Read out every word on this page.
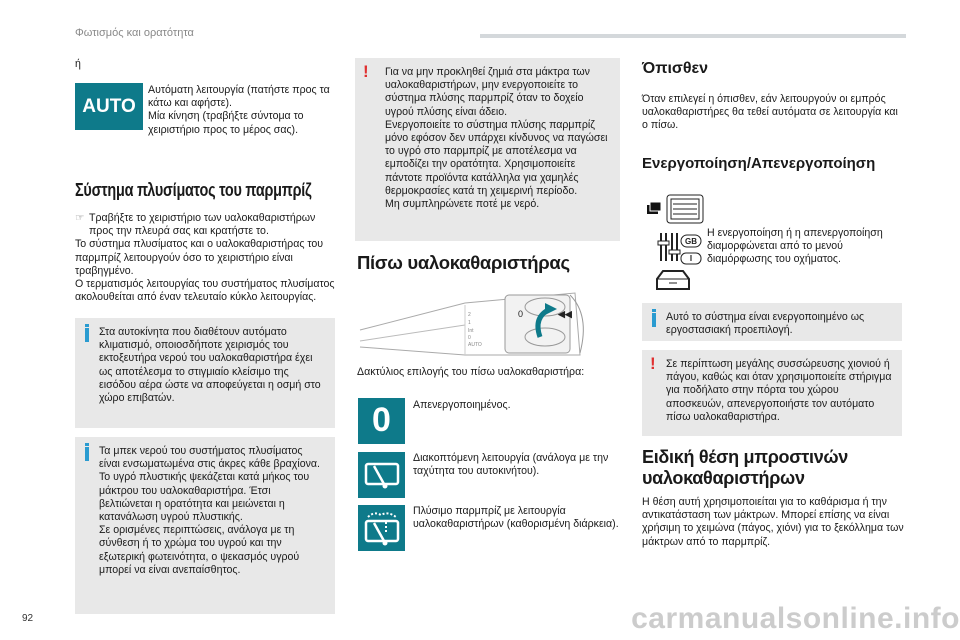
Φωτισμός και ορατότητα
92
ή
AUTO

Αυτόματη λειτουργία (πατήστε προς τα κάτω και αφήστε).

Μία κίνηση (τραβήξτε σύντομα το χειριστήριο προς το μέρος σας).

Σύστημα πλυσίματος του παρμπρίζ

☞ Τραβήξτε το χειριστήριο των υαλοκαθαριστήρων προς την πλευρά σας και κρατήστε το.

Το σύστημα πλυσίματος και ο υαλοκαθαριστήρας του παρμπρίζ λειτουργούν όσο το χειριστήριο είναι τραβηγμένο.

Ο τερματισμός λειτουργίας του συστήματος πλυσίματος ακολουθείται από έναν τελευταίο κύκλο λειτουργίας.

Στα αυτοκίνητα που διαθέτουν αυτόματο κλιματισμό, οποιοσδήποτε χειρισμός του εκτοξευτήρα νερού του υαλοκαθαριστήρα έχει ως αποτέλεσμα το στιγμιαίο κλείσιμο της εισόδου αέρα ώστε να αποφεύγεται η οσμή στο χώρο επιβατών.

Τα μπεκ νερού του συστήματος πλυσίματος είναι ενσωματωμένα στις άκρες κάθε βραχίονα.

Το υγρό πλυστικής ψεκάζεται κατά μήκος του μάκτρου του υαλοκαθαριστήρα. Έτσι βελτιώνεται η ορατότητα και μειώνεται η κατανάλωση υγρού πλυστικής.

Σε ορισμένες περιπτώσεις, ανάλογα με τη σύνθεση ή το χρώμα του υγρού και την εξωτερική φωτεινότητα, ο ψεκασμός υγρού μπορεί να είναι ανεπαίσθητος.

! Για να μην προκληθεί ζημιά στα μάκτρα των υαλοκαθαριστήρων, μην ενεργοποιείτε το σύστημα πλύσης παρμπρίζ όταν το δοχείο υγρού πλύσης είναι άδειο.

Ενεργοποιείτε το σύστημα πλύσης παρμπρίζ μόνο εφόσον δεν υπάρχει κίνδυνος να παγώσει το υγρό στο παρμπρίζ με αποτέλεσμα να εμποδίζει την ορατότητα. Χρησιμοποιείτε πάντοτε προϊόντα κατάλληλα για χαμηλές θερμοκρασίες κατά τη χειμερινή περίοδο.

Μη συμπληρώνετε ποτέ με νερό.

Πίσω υαλοκαθαριστήρας
◀◀
0
2
1
Int
0
AUTO
Δακτύλιος επιλογής του πίσω υαλοκαθαριστήρα:
0	Απενεργοποιημένος.
Διακοπτόμενη λειτουργία (ανάλογα με την ταχύτητα του αυτοκινήτου).
Πλύσιμο παρμπρίζ με λειτουργία υαλοκαθαριστήρων (καθορισμένη διάρκεια).
Όπισθεν
Όταν επιλεγεί η όπισθεν, εάν λειτουργούν οι εμπρός υαλοκαθαριστήρες θα τεθεί αυτόματα σε λειτουργία και ο πίσω.
Ενεργοποίηση/Απενεργοποίηση
GB
I
Η ενεργοποίηση ή η απενεργοποίηση διαμορφώνεται από το μενού διαμόρφωσης του οχήματος.

Αυτό το σύστημα είναι ενεργοποιημένο ως εργοστασιακή προεπιλογή.

! Σε περίπτωση μεγάλης συσσώρευσης χιονιού ή πάγου, καθώς και όταν χρησιμοποιείτε στήριγμα για ποδήλατο στην πόρτα του χώρου αποσκευών, απενεργοποιήστε τον αυτόματο πίσω υαλοκαθαριστήρα.

Ειδική θέση μπροστινών υαλοκαθαριστήρων
Η θέση αυτή χρησιμοποιείται για το καθάρισμα ή την αντικατάσταση των μάκτρων. Μπορεί επίσης να είναι χρήσιμη το χειμώνα (πάγος, χιόνι) για το ξεκόλλημα των μάκτρων από το παρμπρίζ.
carmanualsonline.info
